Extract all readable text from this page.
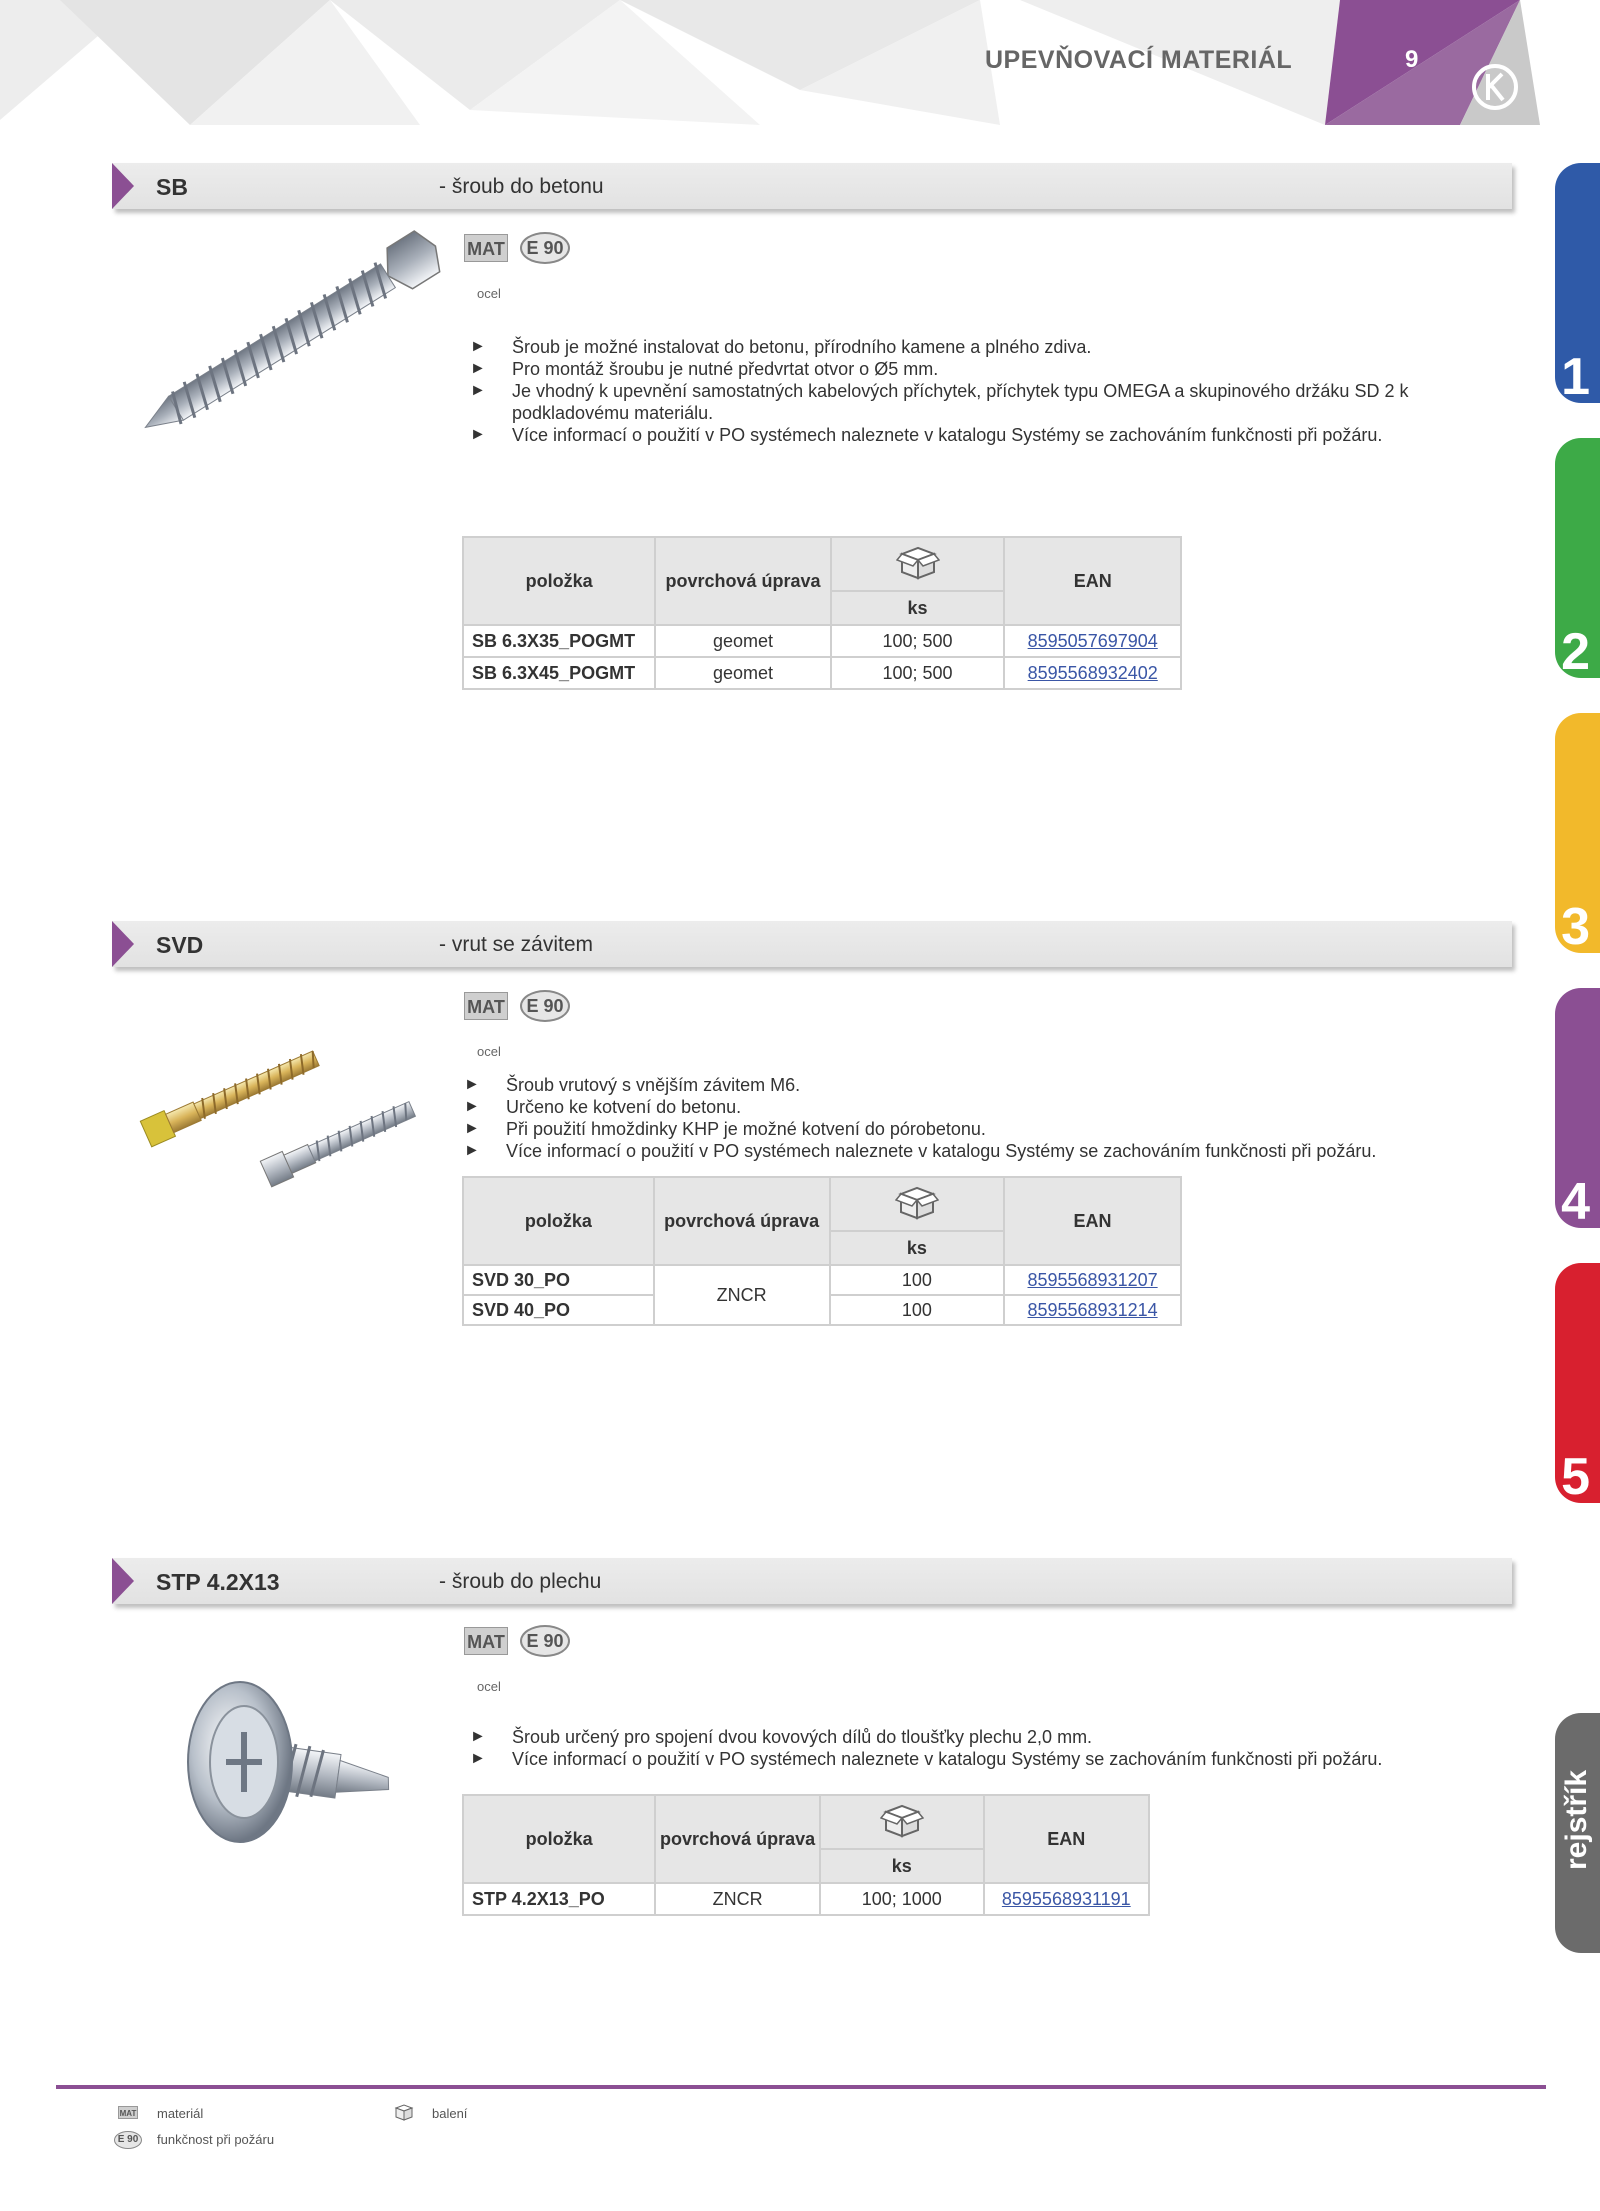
UPEVŇOVACÍ MATERIÁL	9
1
2
3
4
5
rejstřík
SB	- šroub do betonu
MAT	E 90
ocel
► Šroub je možné instalovat do betonu, přírodního kamene a plného zdiva.
► Pro montáž šroubu je nutné předvrtat otvor o Ø5 mm.
► Je vhodný k upevnění samostatných kabelových příchytek, příchytek typu OMEGA a skupinového držáku SD 2 k podkladovému materiálu.
► Více informací o použití v PO systémech naleznete v katalogu Systémy se zachováním funkčnosti při požáru.
položka	povrchová úprava		EAN
		ks	
SB 6.3X35_POGMT	geomet	100; 500	8595057697904
SB 6.3X45_POGMT	geomet	100; 500	8595568932402
SVD	- vrut se závitem
MAT	E 90
ocel
► Šroub vrutový s vnějším závitem M6.
► Určeno ke kotvení do betonu.
► Při použití hmoždinky KHP je možné kotvení do pórobetonu.
► Více informací o použití v PO systémech naleznete v katalogu Systémy se zachováním funkčnosti při požáru.
položka	povrchová úprava		EAN
		ks	
SVD 30_PO	ZNCR	100	8595568931207
SVD 40_PO		100	8595568931214
STP 4.2X13	- šroub do plechu
MAT	E 90
ocel
► Šroub určený pro spojení dvou kovových dílů do tloušťky plechu 2,0 mm.
► Více informací o použití v PO systémech naleznete v katalogu Systémy se zachováním funkčnosti při požáru.
položka	povrchová úprava		EAN
		ks	
STP 4.2X13_PO	ZNCR	100; 1000	8595568931191
MAT materiál	balení
E 90 funkčnost při požáru
